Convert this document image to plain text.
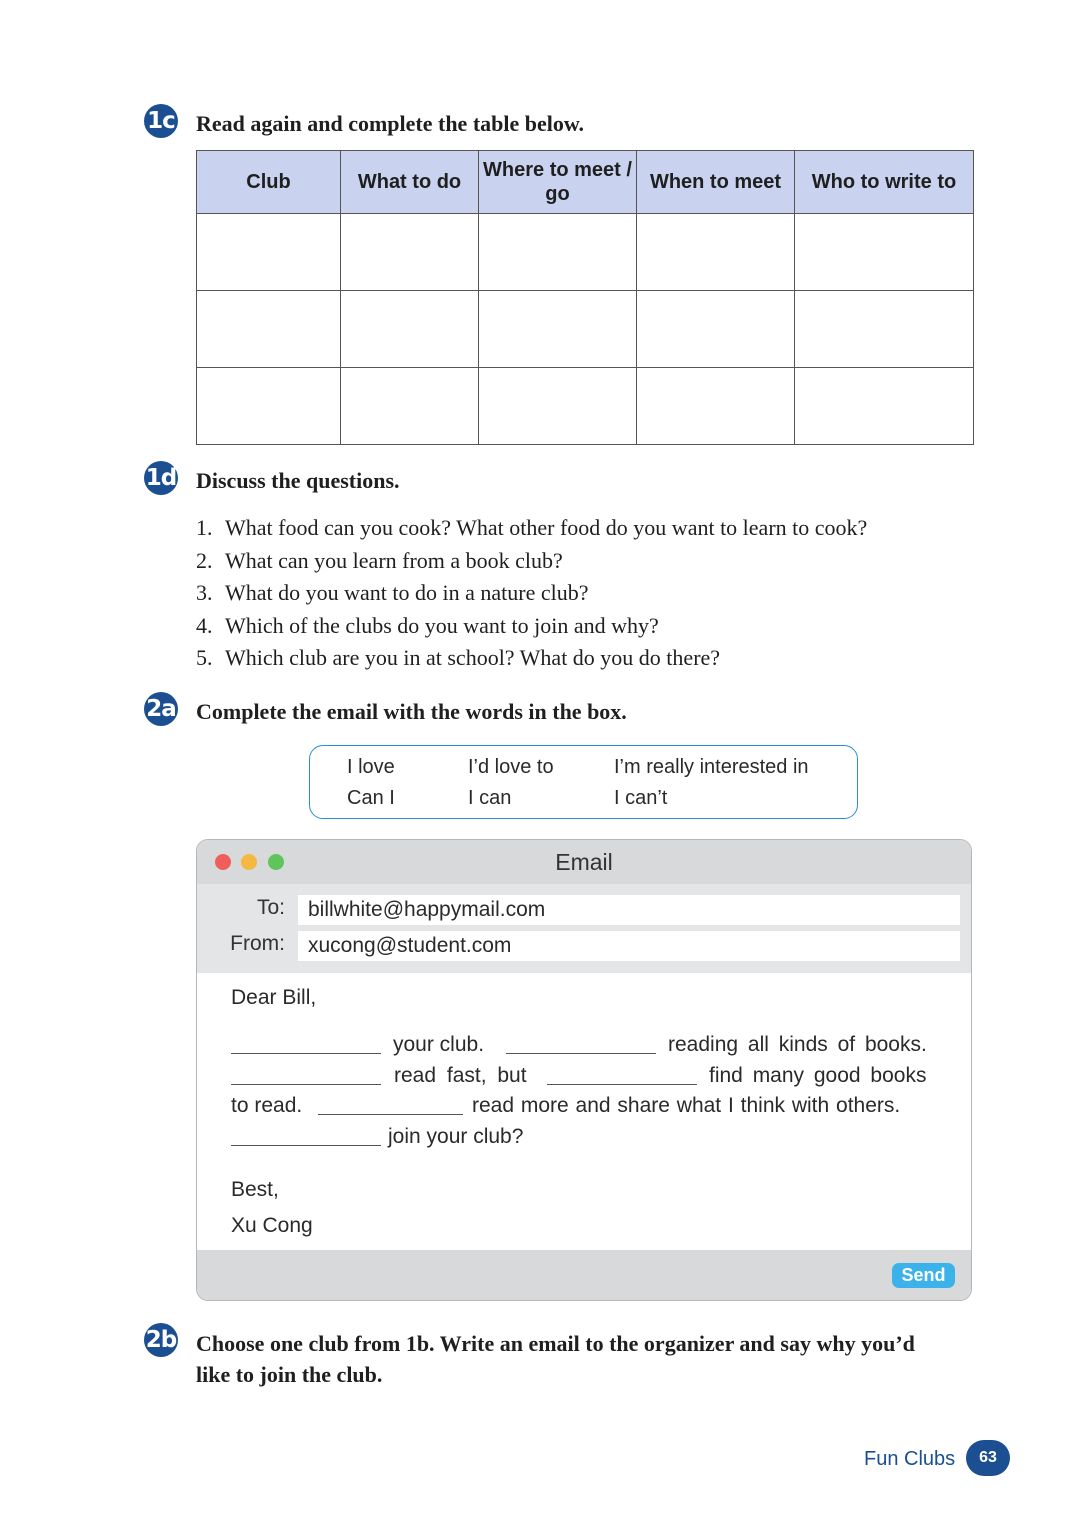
1c Read again and complete the table below.
Club	What to do	Where to meet / go	When to meet	Who to write to

1d Discuss the questions.
1. What food can you cook? What other food do you want to learn to cook?
2. What can you learn from a book club?
3. What do you want to do in a nature club?
4. Which of the clubs do you want to join and why?
5. Which club are you in at school? What do you do there?
2a Complete the email with the words in the box.
I love	I’d love to	I’m really interested in
Can I	I can	I can’t
Email
To:	billwhite@happymail.com
From:	xucong@student.com
Dear Bill,
your club.	reading all kinds of books.
read fast, but	find many good books
to read.	read more and share what I think with others.
join your club?
Best,
Xu Cong
Send
2b Choose one club from 1b. Write an email to the organizer and say why you’d
like to join the club.
Fun Clubs	63
